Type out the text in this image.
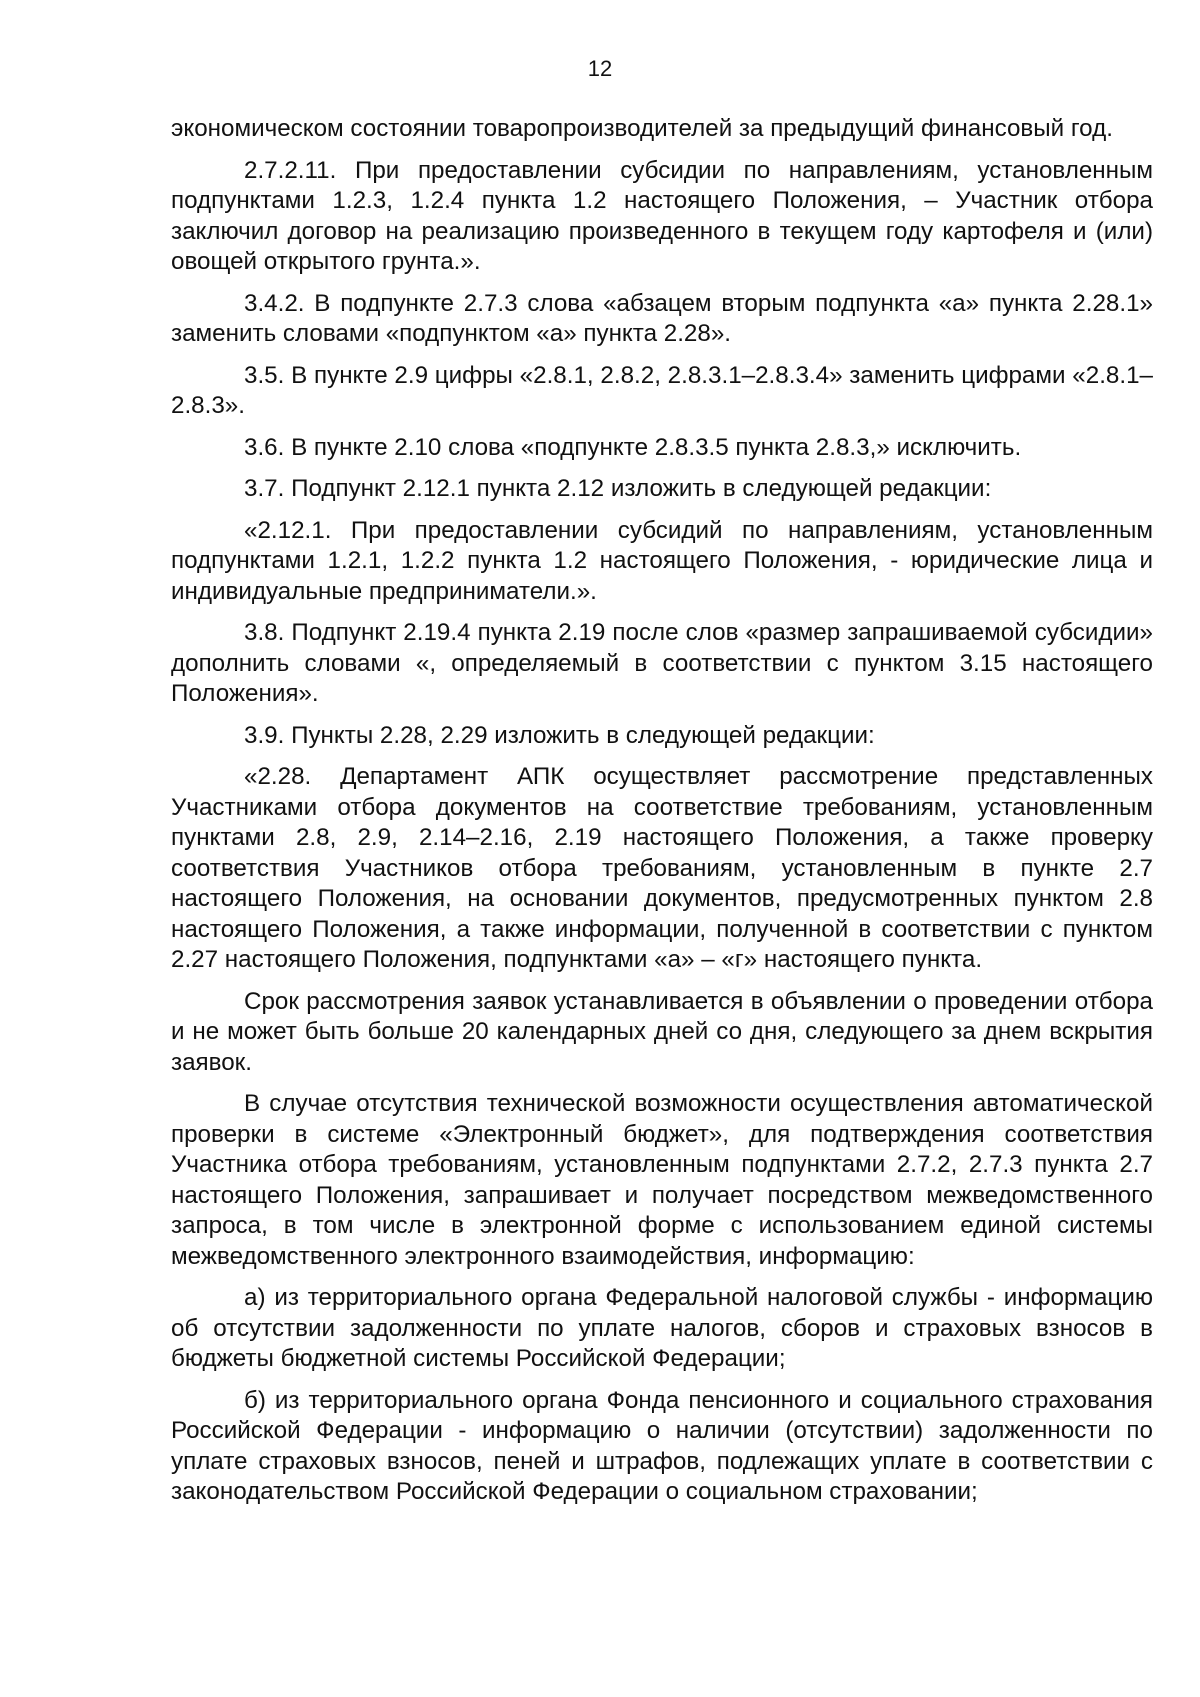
12

экономическом состоянии товаропроизводителей за предыдущий финансовый год.

2.7.2.11. При предоставлении субсидии по направлениям, установленным подпунктами 1.2.3, 1.2.4 пункта 1.2 настоящего Положения, – Участник отбора заключил договор на реализацию произведенного в текущем году картофеля и (или) овощей открытого грунта.».

3.4.2. В подпункте 2.7.3 слова «абзацем вторым подпункта «а» пункта 2.28.1» заменить словами «подпунктом «а» пункта 2.28».

3.5. В пункте 2.9 цифры «2.8.1, 2.8.2, 2.8.3.1–2.8.3.4» заменить цифрами «2.8.1–2.8.3».

3.6. В пункте 2.10 слова «подпункте 2.8.3.5 пункта 2.8.3,» исключить.

3.7. Подпункт 2.12.1 пункта 2.12 изложить в следующей редакции:

«2.12.1. При предоставлении субсидий по направлениям, установленным подпунктами 1.2.1, 1.2.2 пункта 1.2 настоящего Положения, - юридические лица и индивидуальные предприниматели.».

3.8. Подпункт 2.19.4 пункта 2.19 после слов «размер запрашиваемой субсидии» дополнить словами «, определяемый в соответствии с пунктом 3.15 настоящего Положения».

3.9. Пункты 2.28, 2.29 изложить в следующей редакции:

«2.28. Департамент АПК осуществляет рассмотрение представленных Участниками отбора документов на соответствие требованиям, установленным пунктами 2.8, 2.9, 2.14–2.16, 2.19 настоящего Положения, а также проверку соответствия Участников отбора требованиям, установленным в пункте 2.7 настоящего Положения, на основании документов, предусмотренных пунктом 2.8 настоящего Положения, а также информации, полученной в соответствии с пунктом 2.27 настоящего Положения, подпунктами «а» – «г» настоящего пункта.

Срок рассмотрения заявок устанавливается в объявлении о проведении отбора и не может быть больше 20 календарных дней со дня, следующего за днем вскрытия заявок.

В случае отсутствия технической возможности осуществления автоматической проверки в системе «Электронный бюджет», для подтверждения соответствия Участника отбора требованиям, установленным подпунктами 2.7.2, 2.7.3 пункта 2.7 настоящего Положения, запрашивает и получает посредством межведомственного запроса, в том числе в электронной форме с использованием единой системы межведомственного электронного взаимодействия, информацию:

а) из территориального органа Федеральной налоговой службы - информацию об отсутствии задолженности по уплате налогов, сборов и страховых взносов в бюджеты бюджетной системы Российской Федерации;

б) из территориального органа Фонда пенсионного и социального страхования Российской Федерации - информацию о наличии (отсутствии) задолженности по уплате страховых взносов, пеней и штрафов, подлежащих уплате в соответствии с законодательством Российской Федерации о социальном страховании;
